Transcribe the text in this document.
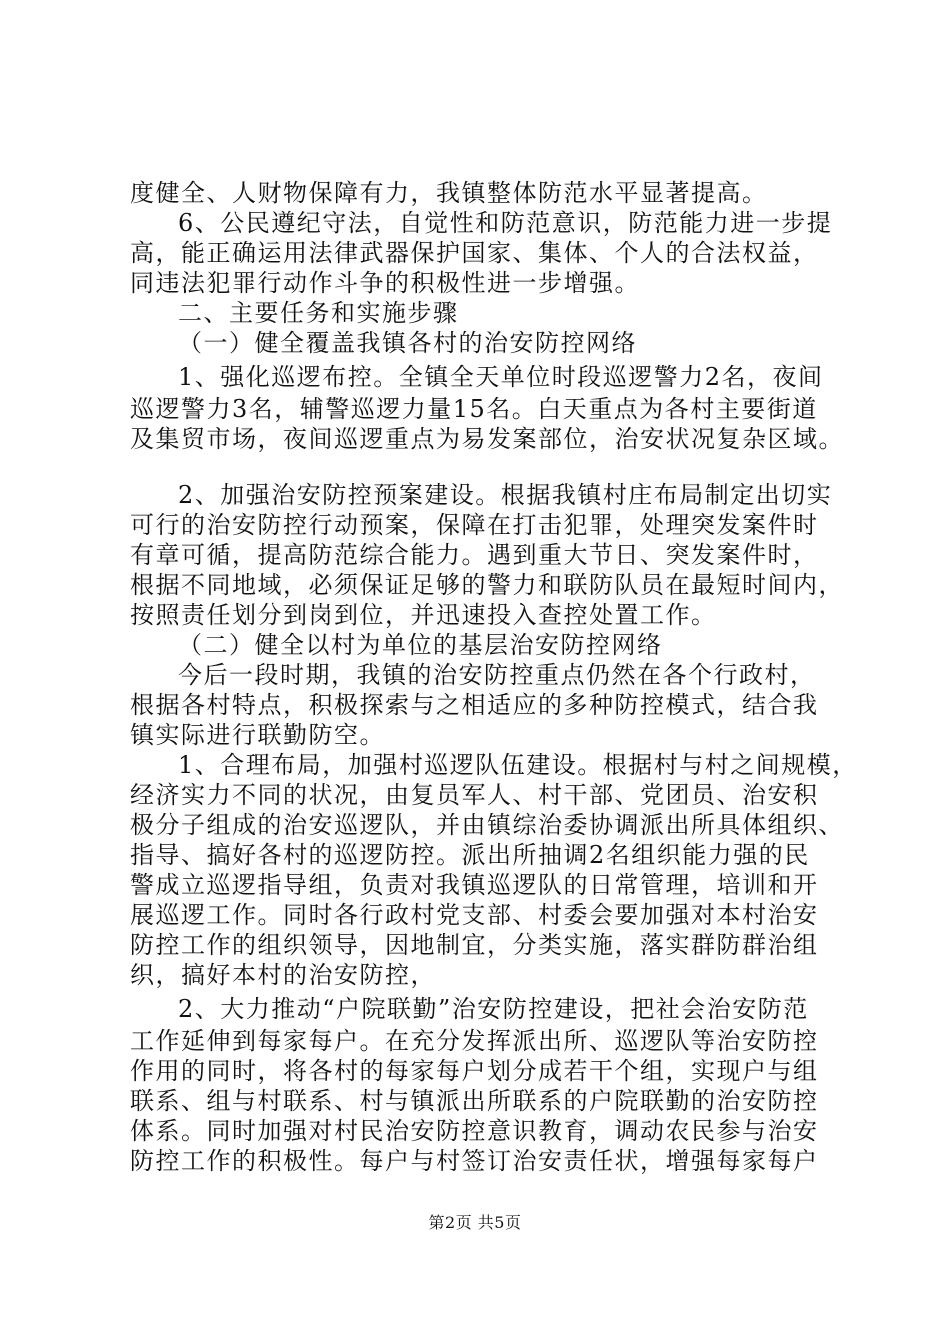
度健全、人财物保障有力，我镇整体防范水平显著提高。
6、公民遵纪守法，自觉性和防范意识，防范能力进一步提
高，能正确运用法律武器保护国家、集体、个人的合法权益，
同违法犯罪行动作斗争的积极性进一步增强。
二、主要任务和实施步骤
（一）健全覆盖我镇各村的治安防控网络
1、强化巡逻布控。全镇全天单位时段巡逻警力2名，夜间
巡逻警力3名，辅警巡逻力量15名。白天重点为各村主要街道
及集贸市场，夜间巡逻重点为易发案部位，治安状况复杂区域。
2、加强治安防控预案建设。根据我镇村庄布局制定出切实
可行的治安防控行动预案，保障在打击犯罪，处理突发案件时
有章可循，提高防范综合能力。遇到重大节日、突发案件时，
根据不同地域，必须保证足够的警力和联防队员在最短时间内，
按照责任划分到岗到位，并迅速投入查控处置工作。
（二）健全以村为单位的基层治安防控网络
今后一段时期，我镇的治安防控重点仍然在各个行政村，
根据各村特点，积极探索与之相适应的多种防控模式，结合我
镇实际进行联勤防空。
1、合理布局，加强村巡逻队伍建设。根据村与村之间规模，
经济实力不同的状况，由复员军人、村干部、党团员、治安积
极分子组成的治安巡逻队，并由镇综治委协调派出所具体组织、
指导、搞好各村的巡逻防控。派出所抽调2名组织能力强的民
警成立巡逻指导组，负责对我镇巡逻队的日常管理，培训和开
展巡逻工作。同时各行政村党支部、村委会要加强对本村治安
防控工作的组织领导，因地制宜，分类实施，落实群防群治组
织，搞好本村的治安防控，
2、大力推动“户院联勤”治安防控建设，把社会治安防范
工作延伸到每家每户。在充分发挥派出所、巡逻队等治安防控
作用的同时，将各村的每家每户划分成若干个组，实现户与组
联系、组与村联系、村与镇派出所联系的户院联勤的治安防控
体系。同时加强对村民治安防控意识教育，调动农民参与治安
防控工作的积极性。每户与村签订治安责任状，增强每家每户
第2页 共5页
